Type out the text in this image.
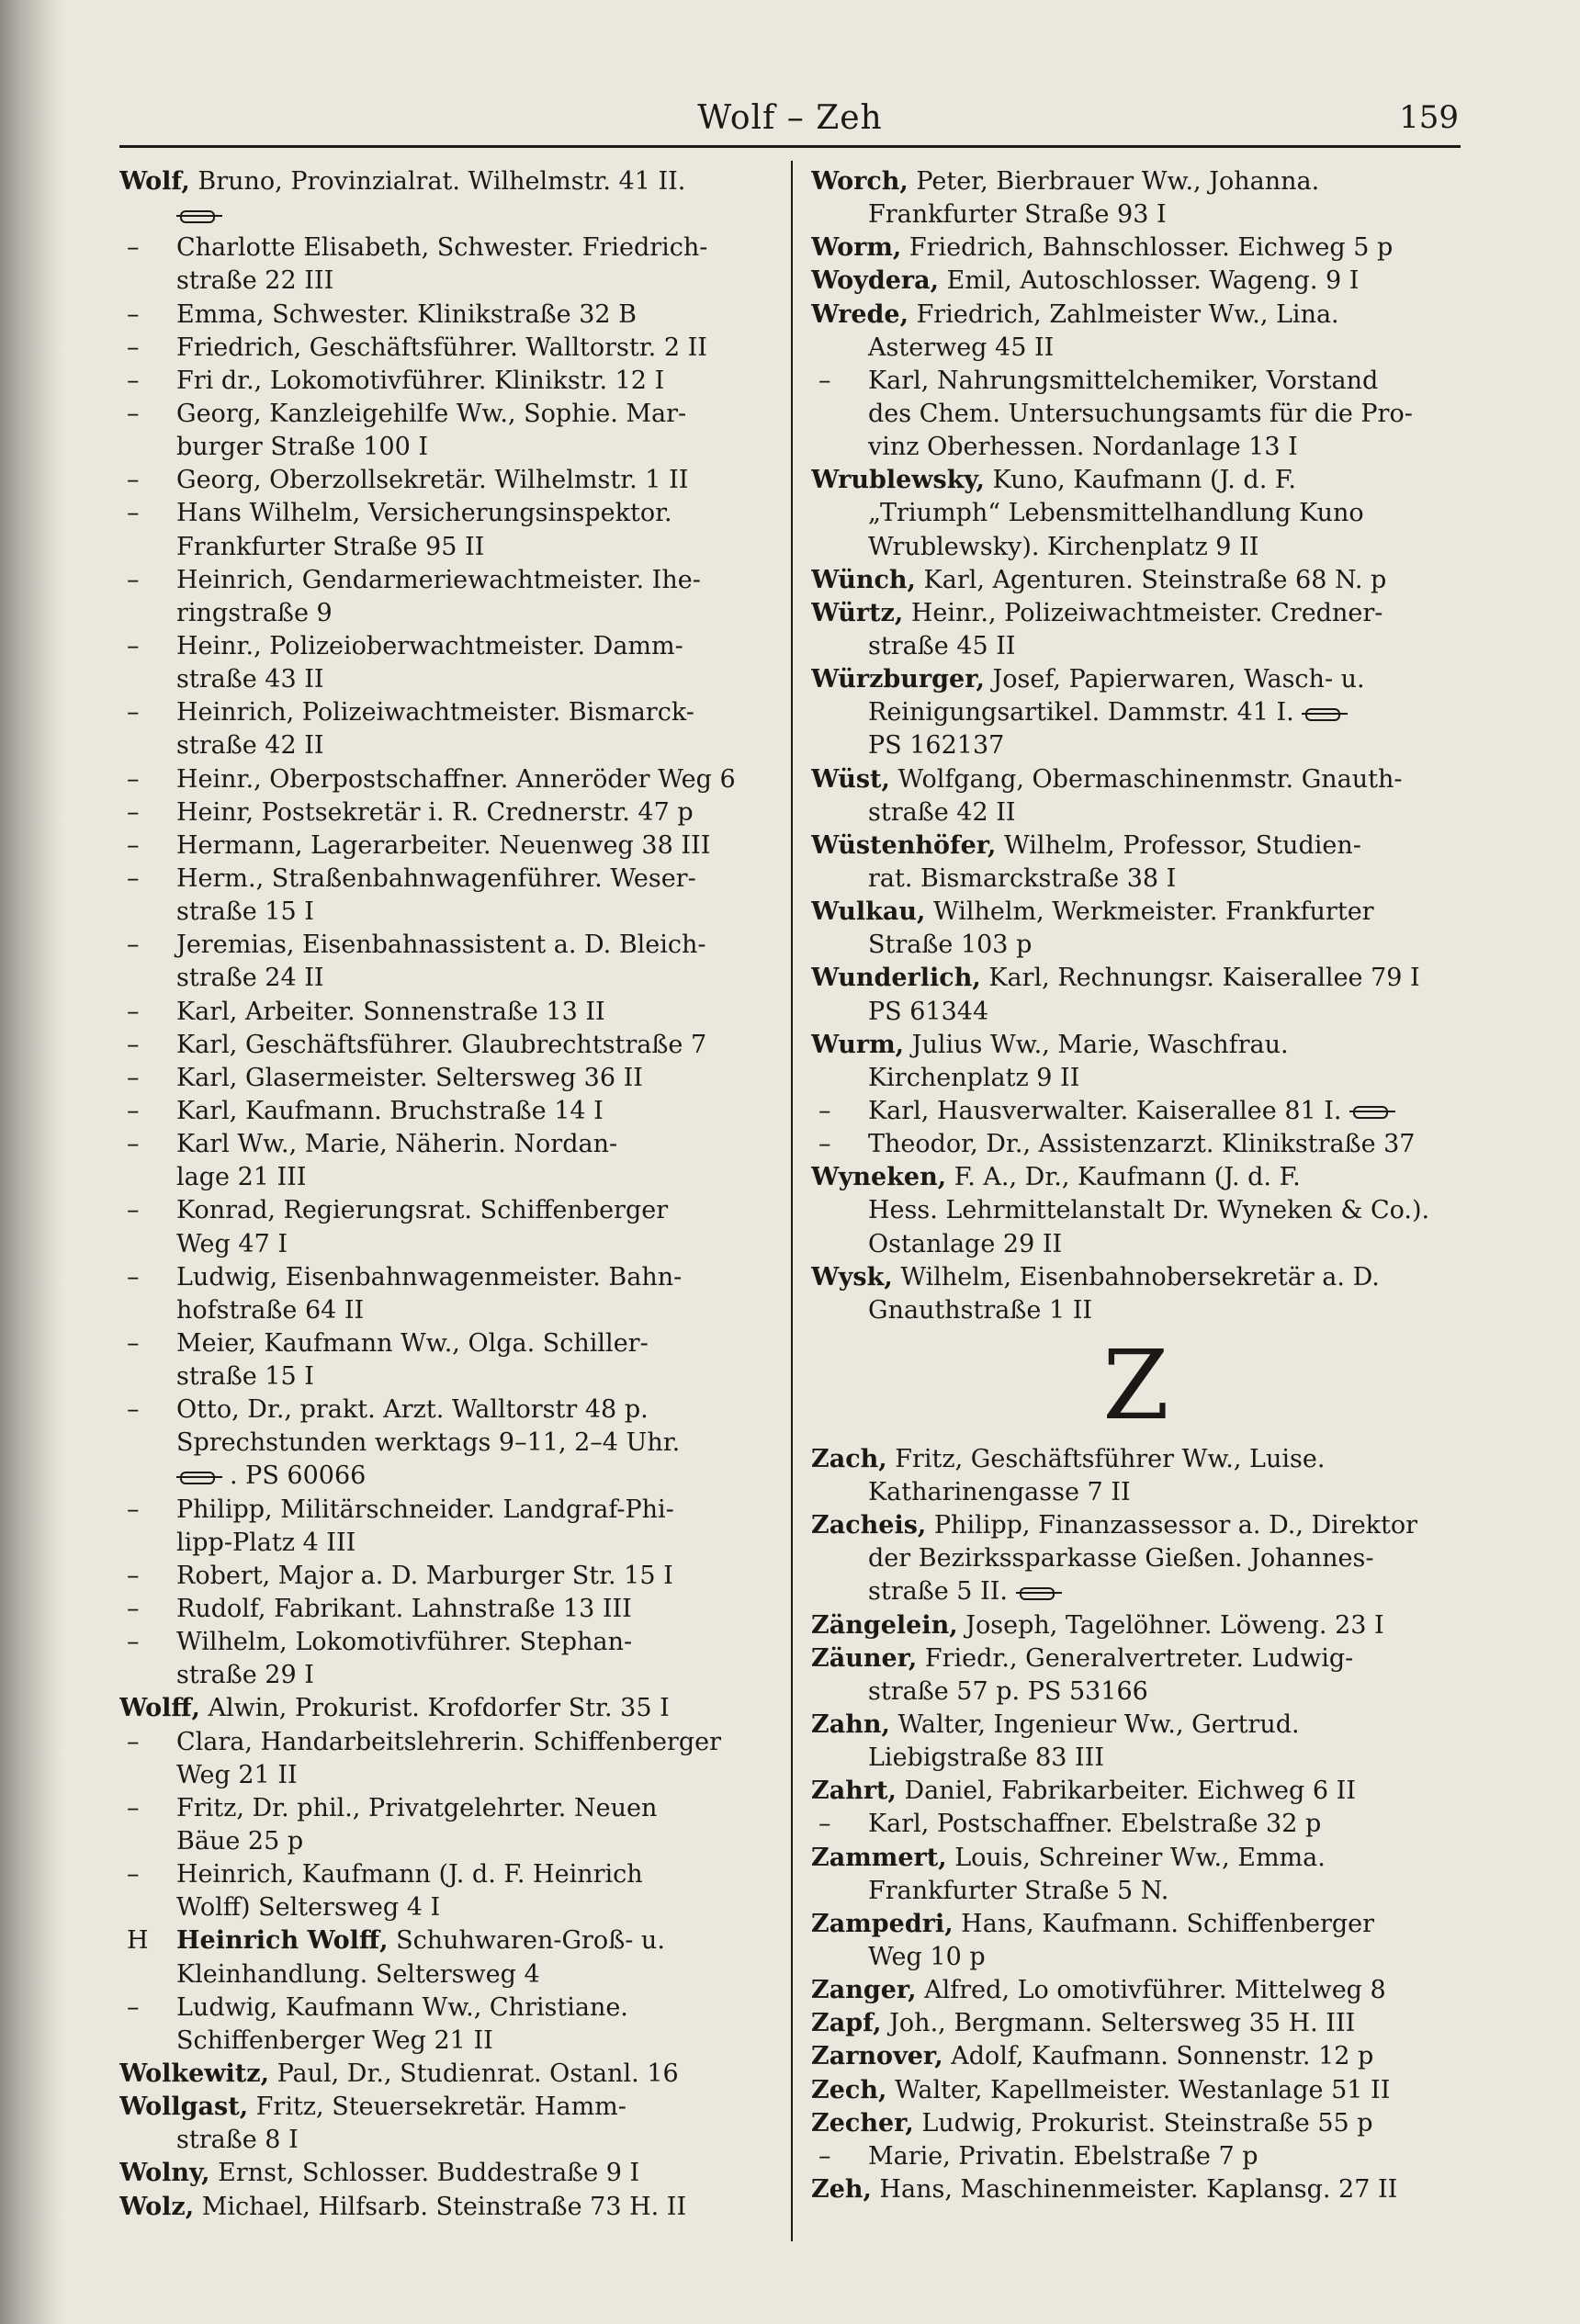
Wolf – Zeh	159
Wolf, Bruno, Provinzialrat. Wilhelmstr. 41 II.
– Charlotte Elisabeth, Schwester. Friedrich-
straße 22 III
– Emma, Schwester. Klinikstraße 32 B
– Friedrich, Geschäftsführer. Walltorstr. 2 II
– Fri dr., Lokomotivführer. Klinikstr. 12 I
– Georg, Kanzleigehilfe Ww., Sophie. Mar-
burger Straße 100 I
– Georg, Oberzollsekretär. Wilhelmstr. 1 II
– Hans Wilhelm, Versicherungsinspektor.
Frankfurter Straße 95 II
– Heinrich, Gendarmeriewachtmeister. Ihe-
ringstraße 9
– Heinr., Polizeioberwachtmeister. Damm-
straße 43 II
– Heinrich, Polizeiwachtmeister. Bismarck-
straße 42 II
– Heinr., Oberpostschaffner. Anneröder Weg 6
– Heinr, Postsekretär i. R. Crednerstr. 47 p
– Hermann, Lagerarbeiter. Neuenweg 38 III
– Herm., Straßenbahnwagenführer. Weser-
straße 15 I
– Jeremias, Eisenbahnassistent a. D. Bleich-
straße 24 II
– Karl, Arbeiter. Sonnenstraße 13 II
– Karl, Geschäftsführer. Glaubrechtstraße 7
– Karl, Glasermeister. Seltersweg 36 II
– Karl, Kaufmann. Bruchstraße 14 I
– Karl Ww., Marie, Näherin. Nordan-
lage 21 III
– Konrad, Regierungsrat. Schiffenberger
Weg 47 I
– Ludwig, Eisenbahnwagenmeister. Bahn-
hofstraße 64 II
– Meier, Kaufmann Ww., Olga. Schiller-
straße 15 I
– Otto, Dr., prakt. Arzt. Walltorstr 48 p.
Sprechstunden werktags 9–11, 2–4 Uhr.
. PS 60066
– Philipp, Militärschneider. Landgraf-Phi-
lipp-Platz 4 III
– Robert, Major a. D. Marburger Str. 15 I
– Rudolf, Fabrikant. Lahnstraße 13 III
– Wilhelm, Lokomotivführer. Stephan-
straße 29 I
Wolff, Alwin, Prokurist. Krofdorfer Str. 35 I
– Clara, Handarbeitslehrerin. Schiffenberger
Weg 21 II
– Fritz, Dr. phil., Privatgelehrter. Neuen
Bäue 25 p
– Heinrich, Kaufmann (J. d. F. Heinrich
Wolff) Seltersweg 4 I
H Heinrich Wolff, Schuhwaren-Groß- u.
Kleinhandlung. Seltersweg 4
– Ludwig, Kaufmann Ww., Christiane.
Schiffenberger Weg 21 II
Wolkewitz, Paul, Dr., Studienrat. Ostanl. 16
Wollgast, Fritz, Steuersekretär. Hamm-
straße 8 I
Wolny, Ernst, Schlosser. Buddestraße 9 I
Wolz, Michael, Hilfsarb. Steinstraße 73 H. II
Worch, Peter, Bierbrauer Ww., Johanna.
Frankfurter Straße 93 I
Worm, Friedrich, Bahnschlosser. Eichweg 5 p
Woydera, Emil, Autoschlosser. Wageng. 9 I
Wrede, Friedrich, Zahlmeister Ww., Lina.
Asterweg 45 II
– Karl, Nahrungsmittelchemiker, Vorstand
des Chem. Untersuchungsamts für die Pro-
vinz Oberhessen. Nordanlage 13 I
Wrublewsky, Kuno, Kaufmann (J. d. F.
„Triumph“ Lebensmittelhandlung Kuno
Wrublewsky). Kirchenplatz 9 II
Wünch, Karl, Agenturen. Steinstraße 68 N. p
Würtz, Heinr., Polizeiwachtmeister. Credner-
straße 45 II
Würzburger, Josef, Papierwaren, Wasch- u.
Reinigungsartikel. Dammstr. 41 I.
PS 162137
Wüst, Wolfgang, Obermaschinenmstr. Gnauth-
straße 42 II
Wüstenhöfer, Wilhelm, Professor, Studien-
rat. Bismarckstraße 38 I
Wulkau, Wilhelm, Werkmeister. Frankfurter
Straße 103 p
Wunderlich, Karl, Rechnungsr. Kaiserallee 79 I
PS 61344
Wurm, Julius Ww., Marie, Waschfrau.
Kirchenplatz 9 II
– Karl, Hausverwalter. Kaiserallee 81 I.
– Theodor, Dr., Assistenzarzt. Klinikstraße 37
Wyneken, F. A., Dr., Kaufmann (J. d. F.
Hess. Lehrmittelanstalt Dr. Wyneken & Co.).
Ostanlage 29 II
Wysk, Wilhelm, Eisenbahnobersekretär a. D.
Gnauthstraße 1 II
Z
Zach, Fritz, Geschäftsführer Ww., Luise.
Katharinengasse 7 II
Zacheis, Philipp, Finanzassessor a. D., Direktor
der Bezirkssparkasse Gießen. Johannes-
straße 5 II.
Zängelein, Joseph, Tagelöhner. Löweng. 23 I
Zäuner, Friedr., Generalvertreter. Ludwig-
straße 57 p. PS 53166
Zahn, Walter, Ingenieur Ww., Gertrud.
Liebigstraße 83 III
Zahrt, Daniel, Fabrikarbeiter. Eichweg 6 II
– Karl, Postschaffner. Ebelstraße 32 p
Zammert, Louis, Schreiner Ww., Emma.
Frankfurter Straße 5 N.
Zampedri, Hans, Kaufmann. Schiffenberger
Weg 10 p
Zanger, Alfred, Lo omotivführer. Mittelweg 8
Zapf, Joh., Bergmann. Seltersweg 35 H. III
Zarnover, Adolf, Kaufmann. Sonnenstr. 12 p
Zech, Walter, Kapellmeister. Westanlage 51 II
Zecher, Ludwig, Prokurist. Steinstraße 55 p
– Marie, Privatin. Ebelstraße 7 p
Zeh, Hans, Maschinenmeister. Kaplansg. 27 II
